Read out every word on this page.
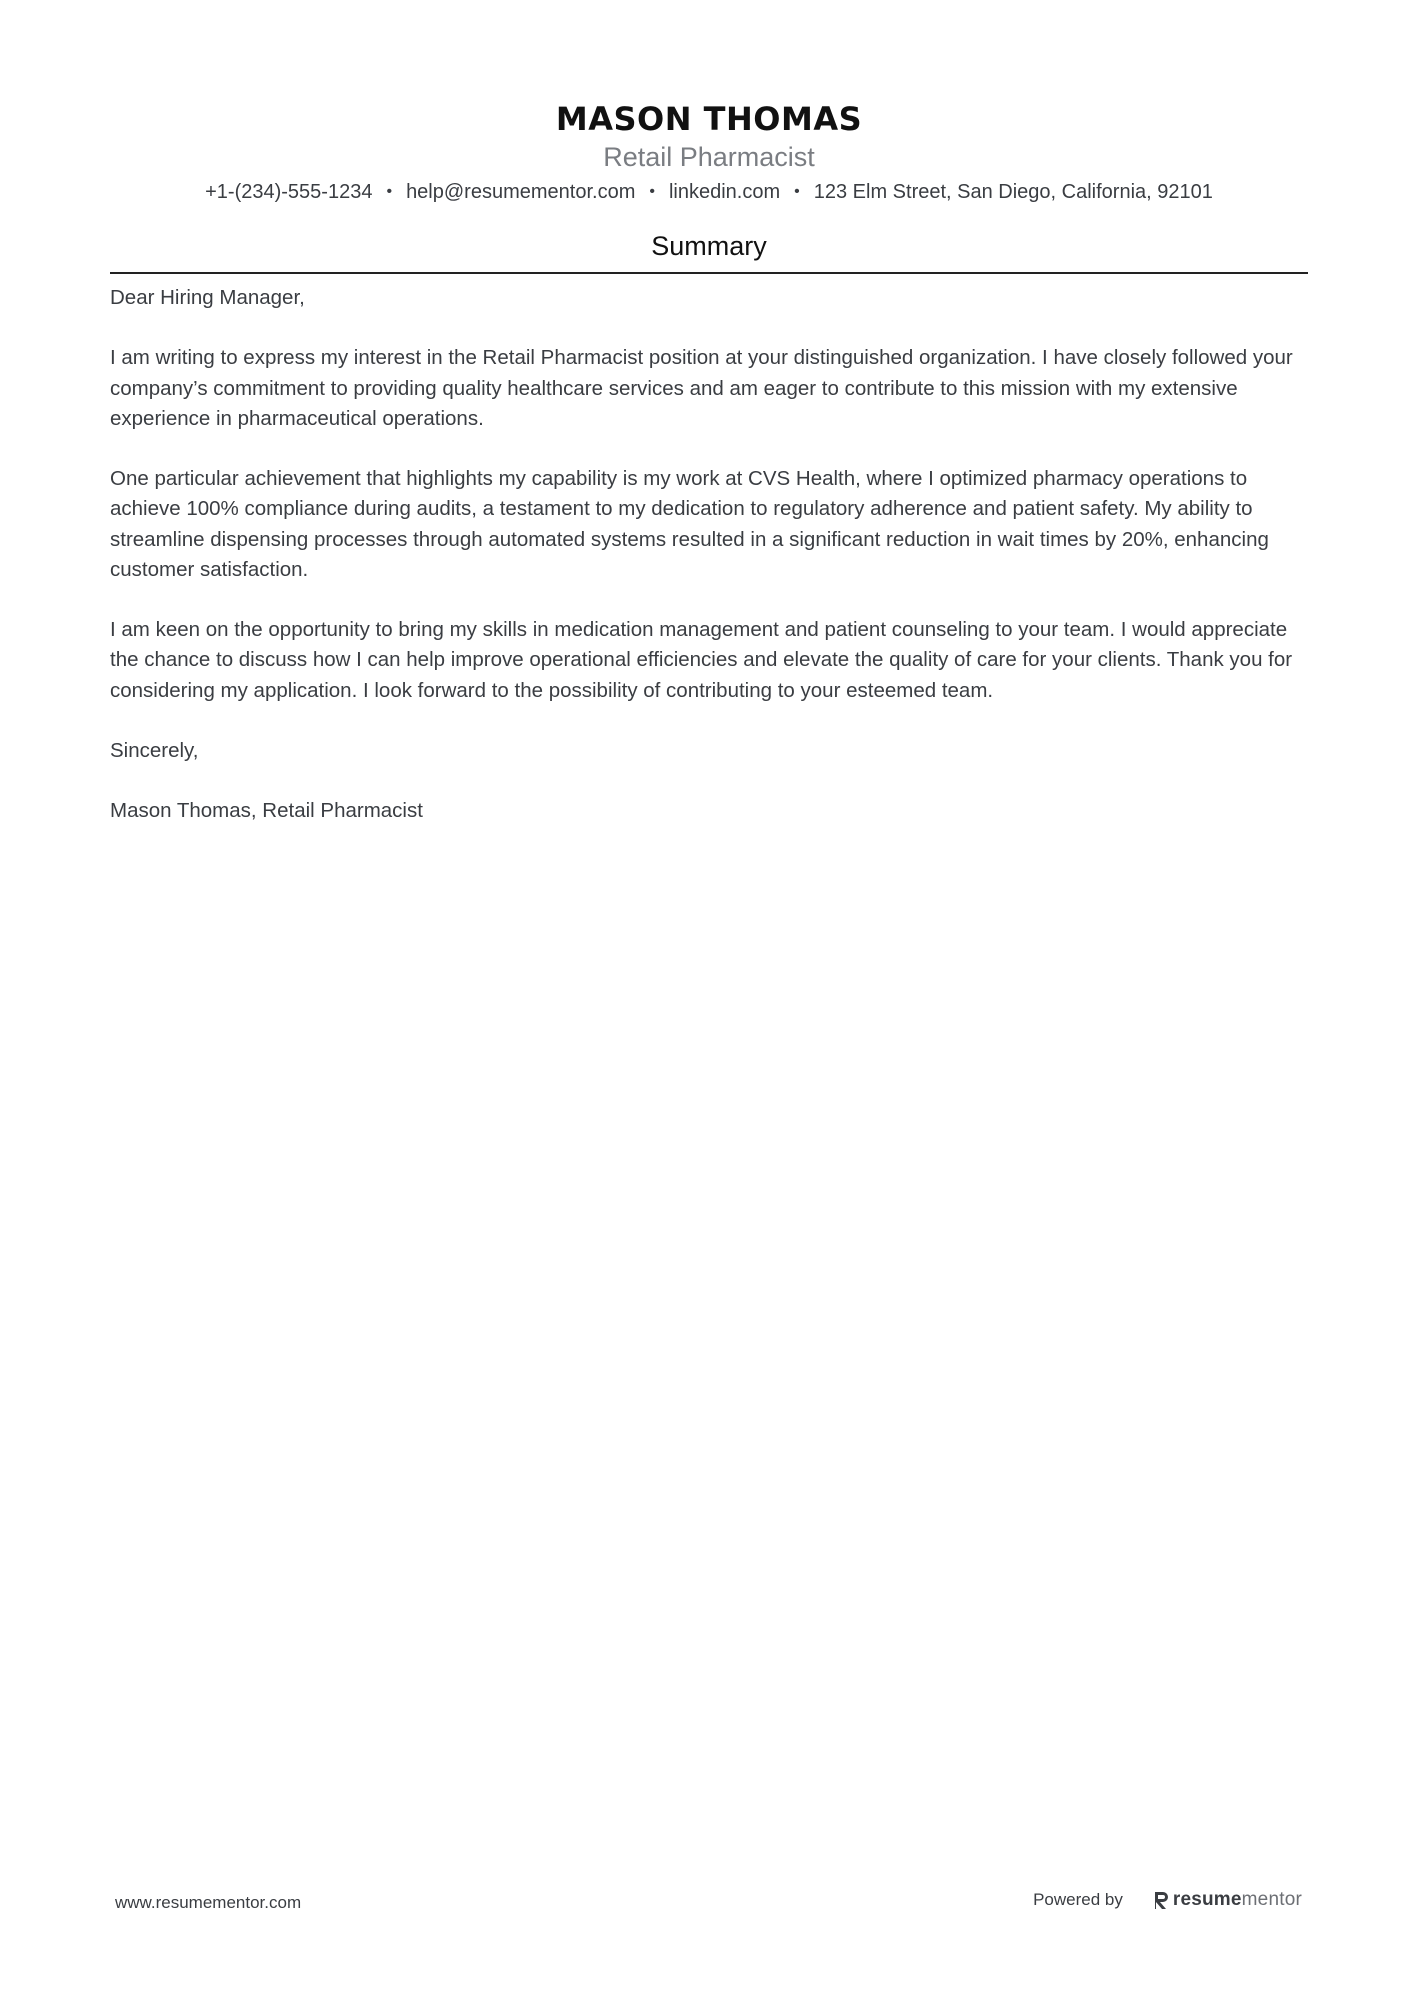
MASON THOMAS
Retail Pharmacist
+1-(234)-555-1234 • help@resumementor.com • linkedin.com • 123 Elm Street, San Diego, California, 92101
Summary

Dear Hiring Manager,

I am writing to express my interest in the Retail Pharmacist position at your distinguished organization. I have closely followed your company’s commitment to providing quality healthcare services and am eager to contribute to this mission with my extensive experience in pharmaceutical operations.

One particular achievement that highlights my capability is my work at CVS Health, where I optimized pharmacy operations to achieve 100% compliance during audits, a testament to my dedication to regulatory adherence and patient safety. My ability to streamline dispensing processes through automated systems resulted in a significant reduction in wait times by 20%, enhancing customer satisfaction.

I am keen on the opportunity to bring my skills in medication management and patient counseling to your team. I would appreciate the chance to discuss how I can help improve operational efficiencies and elevate the quality of care for your clients. Thank you for considering my application. I look forward to the possibility of contributing to your esteemed team.

Sincerely,

Mason Thomas, Retail Pharmacist

www.resumementor.com	Powered by	resumementor
